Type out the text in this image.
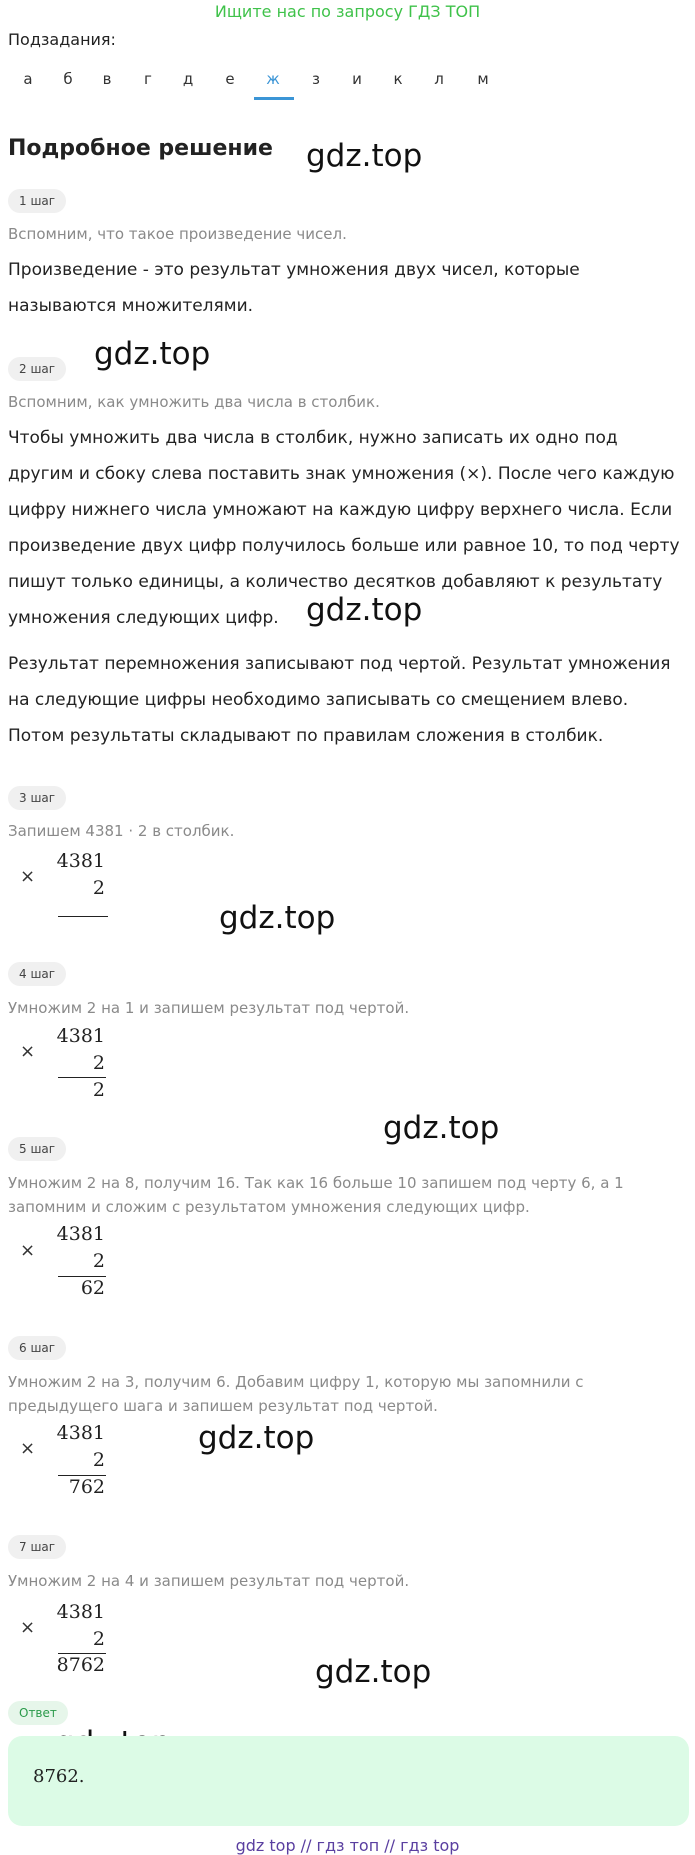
Ищите нас по запросу ГДЗ ТОП
Подзадания:
а б в г д е	ж	з и к л м
Подробное решение gdz.top
gdz.top
gdz.top
gdz.top
gdz.top
gdz.top
gdz.top
1 шаг
Вспомним, что такое произведение чисел.
Произведение - это результат умножения двух чисел, которые называются множителями.
2 шаг
Вспомним, как умножить два числа в столбик.
Чтобы умножить два числа в столбик, нужно записать их одно под другим и сбоку слева поставить знак умножения (×). После чего каждую цифру нижнего числа умножают на каждую цифру верхнего числа. Если произведение двух цифр получилось больше или равное 10, то под черту пишут только единицы, а количество десятков добавляют к результату умножения следующих цифр.
Результат перемножения записывают под чертой. Результат умножения на следующие цифры необходимо записывать со смещением влево. Потом результаты складывают по правилам сложения в столбик.
3 шаг
Запишем 4381 · 2 в столбик.
×
4381
2
4 шаг
Умножим 2 на 1 и запишем результат под чертой.
×
4381
2
2
5 шаг
Умножим 2 на 8, получим 16. Так как 16 больше 10 запишем под черту 6, а 1 запомним и сложим с результатом умножения следующих цифр.
×
4381
2
62
6 шаг
Умножим 2 на 3, получим 6. Добавим цифру 1, которую мы запомнили с предыдущего шага и запишем результат под чертой.
×
4381
2
762
7 шаг
Умножим 2 на 4 и запишем результат под чертой.
×
4381
2
8762
Ответ
8762.
gdz top // гдз топ // гдз top
